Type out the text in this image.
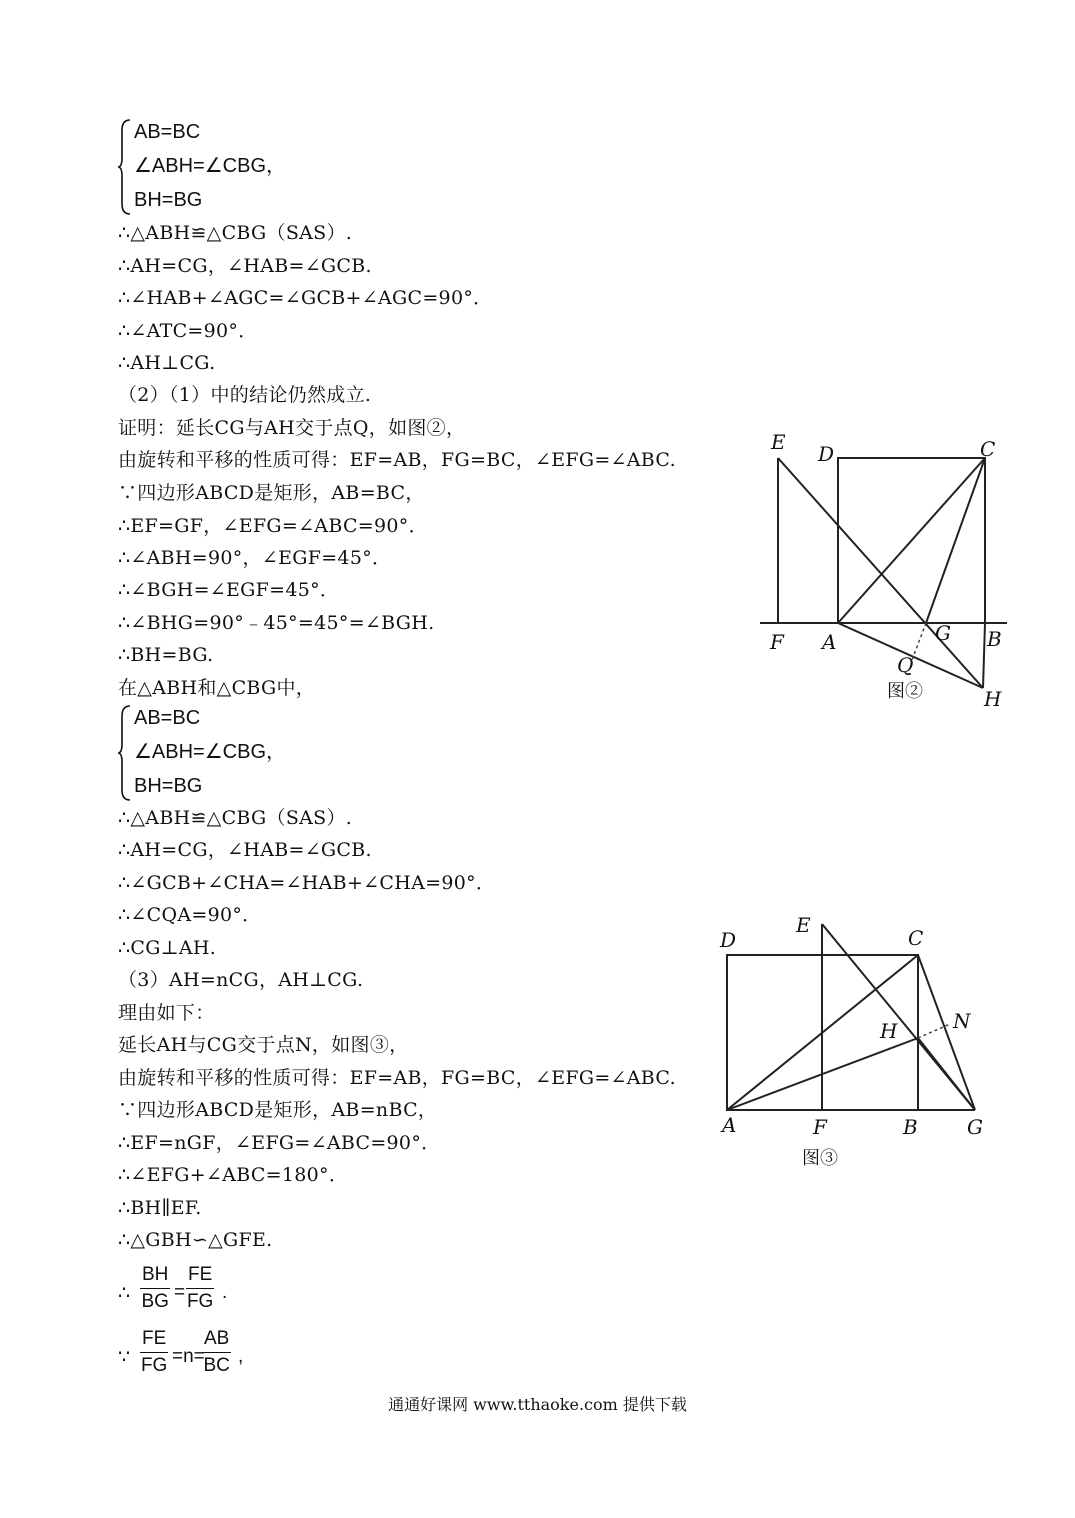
AB=BC
∠ABH=∠CBG，
BH=BG
∴△ABH≌△CBG（SAS）.
∴AH=CG，∠HAB=∠GCB.
∴∠HAB+∠AGC=∠GCB+∠AGC=90°．
∴∠ATC=90°．
∴AH⊥CG.
（2）（1）中的结论仍然成立.
证明：延长CG与AH交于点Q，如图②，
由旋转和平移的性质可得：EF=AB，FG=BC，∠EFG=∠ABC.
∵四边形ABCD是矩形，AB=BC，
∴EF=GF，∠EFG=∠ABC=90°．
∴∠ABH=90°，∠EGF=45°．
∴∠BGH=∠EGF=45°．
∴∠BHG=90°﹣45°=45°=∠BGH.
∴BH=BG.
在△ABH和△CBG中，
AB=BC
∠ABH=∠CBG，
BH=BG
∴△ABH≌△CBG（SAS）.
∴AH=CG，∠HAB=∠GCB.
∴∠GCB+∠CHA=∠HAB+∠CHA=90°．
∴∠CQA=90°．
∴CG⊥AH.
（3）AH=nCG，AH⊥CG.
理由如下：
延长AH与CG交于点N，如图③，
由旋转和平移的性质可得：EF=AB，FG=BC，∠EFG=∠ABC.
∵四边形ABCD是矩形，AB=nBC，
∴EF=nGF，∠EFG=∠ABC=90°．
∴∠EFG+∠ABC=180°．
∴BH∥EF.
∴△GBH∽△GFE.
∴ $\frac{BH}{BG} = \frac{FE}{FG}$ .
∵ $\frac{FE}{FG} =n=$
$\frac{AB}{BC}$ ,
E D	C
F A	G B
Q
H
图②
D
E
C
H	N
A	F	B G
图③
通通好课网 www.tthaoke.com 提供下载
